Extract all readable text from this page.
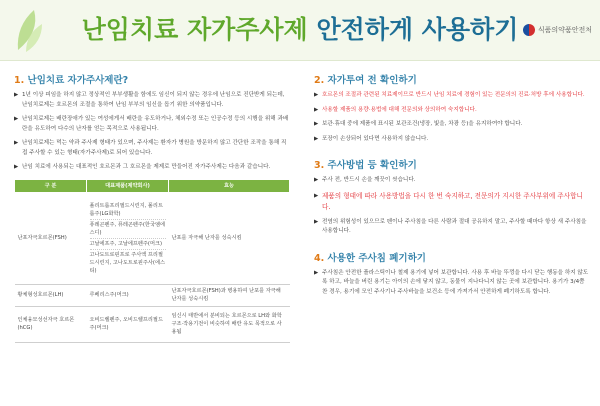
난임치료 자가주사제 안전하게 사용하기	식품의약품안전처
1. 난임치료 자가주사제란?
▶ 1년 이상 피임을 하지 않고 정상적인 부부생활을 함에도 임신이 되지 않는 경우에 난임으로 진단받게 되는데, 난임치료제는 호르몬의 조절을 통하여 난임 부부의 임신을 돕기 위한 의약품입니다.
▶ 난임치료제는 배란장애가 있는 여성에게서 배란을 유도하거나, 체외수정 또는 인공수정 등의 시행을 위해 과배란을 유도하여 다수의 난자를 얻는 목적으로 사용됩니다.
▶ 난임치료제는 먹는 약과 주사제 형태가 있으며, 주사제는 환자가 병원을 방문하지 않고 간단한 조작을 통해 직접 주사할 수 있는 형태(자가주사제)로 되어 있습니다.
▶ 난임 치료에 사용되는 대표적인 호르몬과 그 호르몬을 제제로 만들어진 자가주사제는 다음과 같습니다.
구 분	대표제품(제약회사)	효능
난포자극호르몬(FSH)	폴리트롭프리필드시린지, 폴리트롭주(LG화학)
퓨레곤펜주, 퓨레곤펜주(한국엠에스디)
고날에프주, 고날에프펜주(머크)
고나도트로핀프로 주사액 프리필드시린지, 고나도트로핀주사(에스티)	난포를 자극해 난자를 성숙시킴
황체형성호르몬(LH)	루베리스주(머크)	난포자극호르몬(FSH)과 병용하여 난포를 자극해 난자를 성숙시킴
인체융모성선자극 호르몬(hCG)	오비드렐펜주, 오비드렐프리필드주(머크)	임신시 태반에서 분비되는 호르몬으로 LH와 화학구조·작용기전이 비슷하여 배란 유도 목적으로 사용됨
2. 자가투여 전 확인하기
▶ 호르몬의 조절과 관련된 치료제이므로 반드시 난임 치료에 경험이 있는 전문의의 진료·처방 후에 사용합니다.
▶ 사용할 제품의 용량·용법에 대해 전문의와 상의하여 숙지합니다.
▶ 보관·휴대 중에 제품에 표시된 보관조건(냉장, 빛을, 차광 등)을 유지하여야 합니다.
▶ 포장이 손상되어 있다면 사용하지 않습니다.
3. 주사방법 등 확인하기
▶ 주사 전, 반드시 손을 깨끗이 씻습니다.
▶ 제품의 형태에 따라 사용방법을 다시 한 번 숙지하고, 전문의가 지시한 주사부위에 주사합니다.
▶ 전염의 위험성이 있으므로 펜이나 주사침을 다른 사람과 절대 공유하지 말고, 주사할 때마다 항상 새 주사침을 사용합니다.
4. 사용한 주사침 폐기하기
▶ 주사침은 안전한 플라스틱이나 철제 용기에 넣어 보관합니다. 사용 후 바늘 뚜껑을 다시 닫는 행동을 하지 않도록 하고, 바늘을 버린 용기는 아이의 손에 닿지 않고, 동물이 지나다니지 않는 곳에 보관합니다. 용기가 3/4쯤 찬 경우, 용기에 모인 주사기나 주사바늘을 보건소 등에 가져가서 안전하게 폐기하도록 합니다.
